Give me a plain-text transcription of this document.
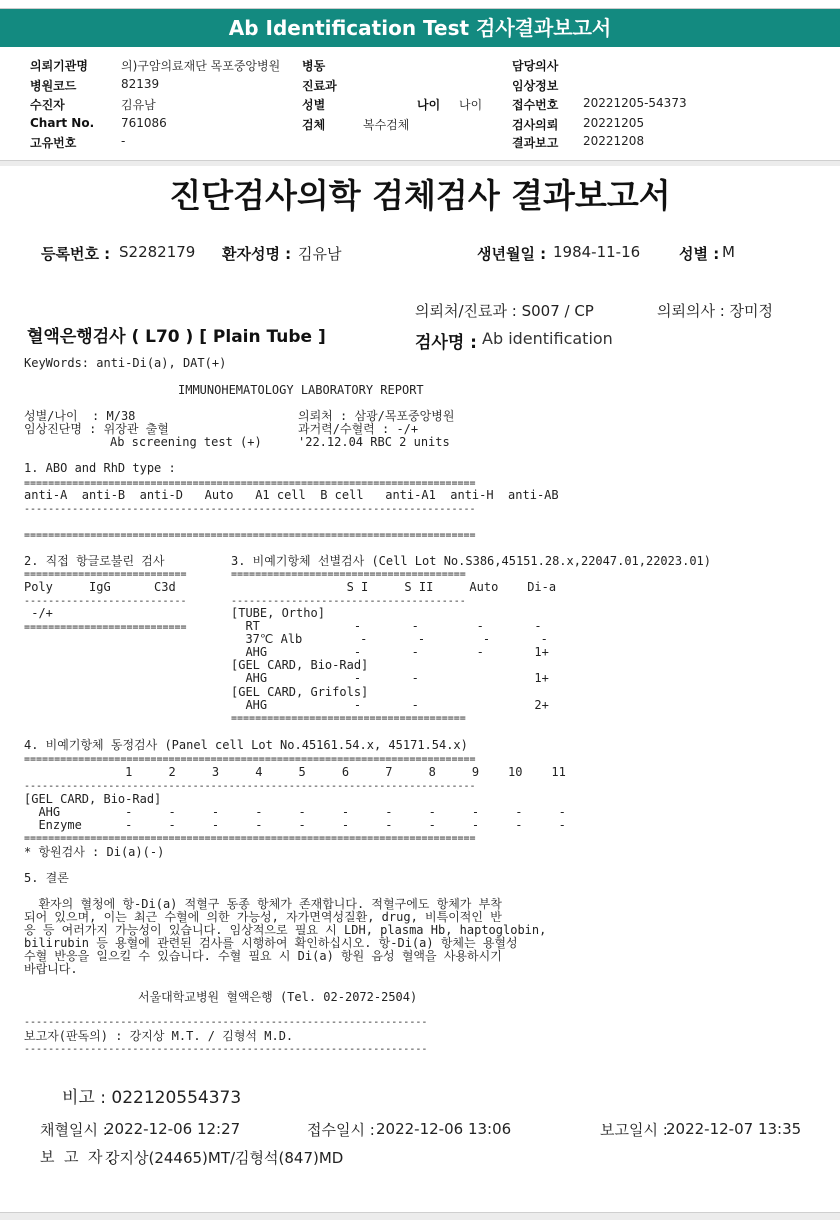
Ab Identification Test 검사결과보고서
의뢰기관명	의)구암의료재단 목포중앙병원
병원코드	82139
수진자	김유남
Chart No. 761086
고유번호	-
병동
진료과
성별	나이 나이
검체	복수검체
담당의사
임상정보
접수번호 20221205-54373
검사의뢰 20221205
결과보고 20221208
진단검사의학 검체검사 결과보고서
등록번호 : S2282179 환자성명 : 김유남	생년월일 : 1984-11-16	성별 : M
의뢰처/진료과 : S007 / CP	의뢰의사 : 장미정
혈액은행검사 ( L70 ) [ Plain Tube ]	검사명 : Ab identification
KeyWords: anti-Di(a), DAT(+)
IMMUNOHEMATOLOGY LABORATORY REPORT
성별/나이  : M/38
임상진단명 : 위장관 출혈
Ab screening test (+)
의뢰처 : 삼광/목포중앙병원
과거력/수혈력 : -/+
'22.12.04 RBC 2 units
1. ABO and RhD type :
===========================================================================
anti-A  anti-B  anti-D   Auto   A1 cell  B cell   anti-A1  anti-H  anti-AB
---------------------------------------------------------------------------
===========================================================================
2. 직접 항글로불린 검사
===========================
Poly     IgG      C3d
---------------------------
-/+
===========================
3. 비예기항체 선별검사 (Cell Lot No.S386,45151.28.x,22047.01,22023.01)
=======================================
S I     S II     Auto    Di-a
---------------------------------------
[TUBE, Ortho]
RT             -       -        -       -
37℃ Alb        -       -        -       -
AHG            -       -        -       1+
[GEL CARD, Bio-Rad]
AHG            -       -                1+
[GEL CARD, Grifols]
AHG            -       -                2+
=======================================
4. 비예기항체 동정검사 (Panel cell Lot No.45161.54.x, 45171.54.x)
===========================================================================
1     2     3     4     5     6     7     8     9    10    11
---------------------------------------------------------------------------
[GEL CARD, Bio-Rad]
AHG         -     -     -     -     -     -     -     -     -     -     -
Enzyme      -     -     -     -     -     -     -     -     -     -     -
===========================================================================
* 항원검사 : Di(a)(-)
5. 결론
환자의 혈청에 항-Di(a) 적혈구 동종 항체가 존재합니다. 적혈구에도 항체가 부착
되어 있으며, 이는 최근 수혈에 의한 가능성, 자가면역성질환, drug, 비특이적인 반
응 등 여러가지 가능성이 있습니다. 임상적으로 필요 시 LDH, plasma Hb, haptoglobin,
bilirubin 등 용혈에 관련된 검사를 시행하여 확인하십시오. 항-Di(a) 항체는 용혈성
수혈 반응을 일으킬 수 있습니다. 수혈 필요 시 Di(a) 항원 음성 혈액을 사용하시기
바랍니다.
서울대학교병원 혈액은행 (Tel. 02-2072-2504)
-------------------------------------------------------------------
보고자(판독의) : 강지상 M.T. / 김형석 M.D.
-------------------------------------------------------------------
비고 : 022120554373
채혈일시 :
2022-12-06 12:27	접수일시 : 2022-12-06 13:06	보고일시 :
2022-12-07 13:35
보  고  자 :
강지상(24465)MT/김형석(847)MD
